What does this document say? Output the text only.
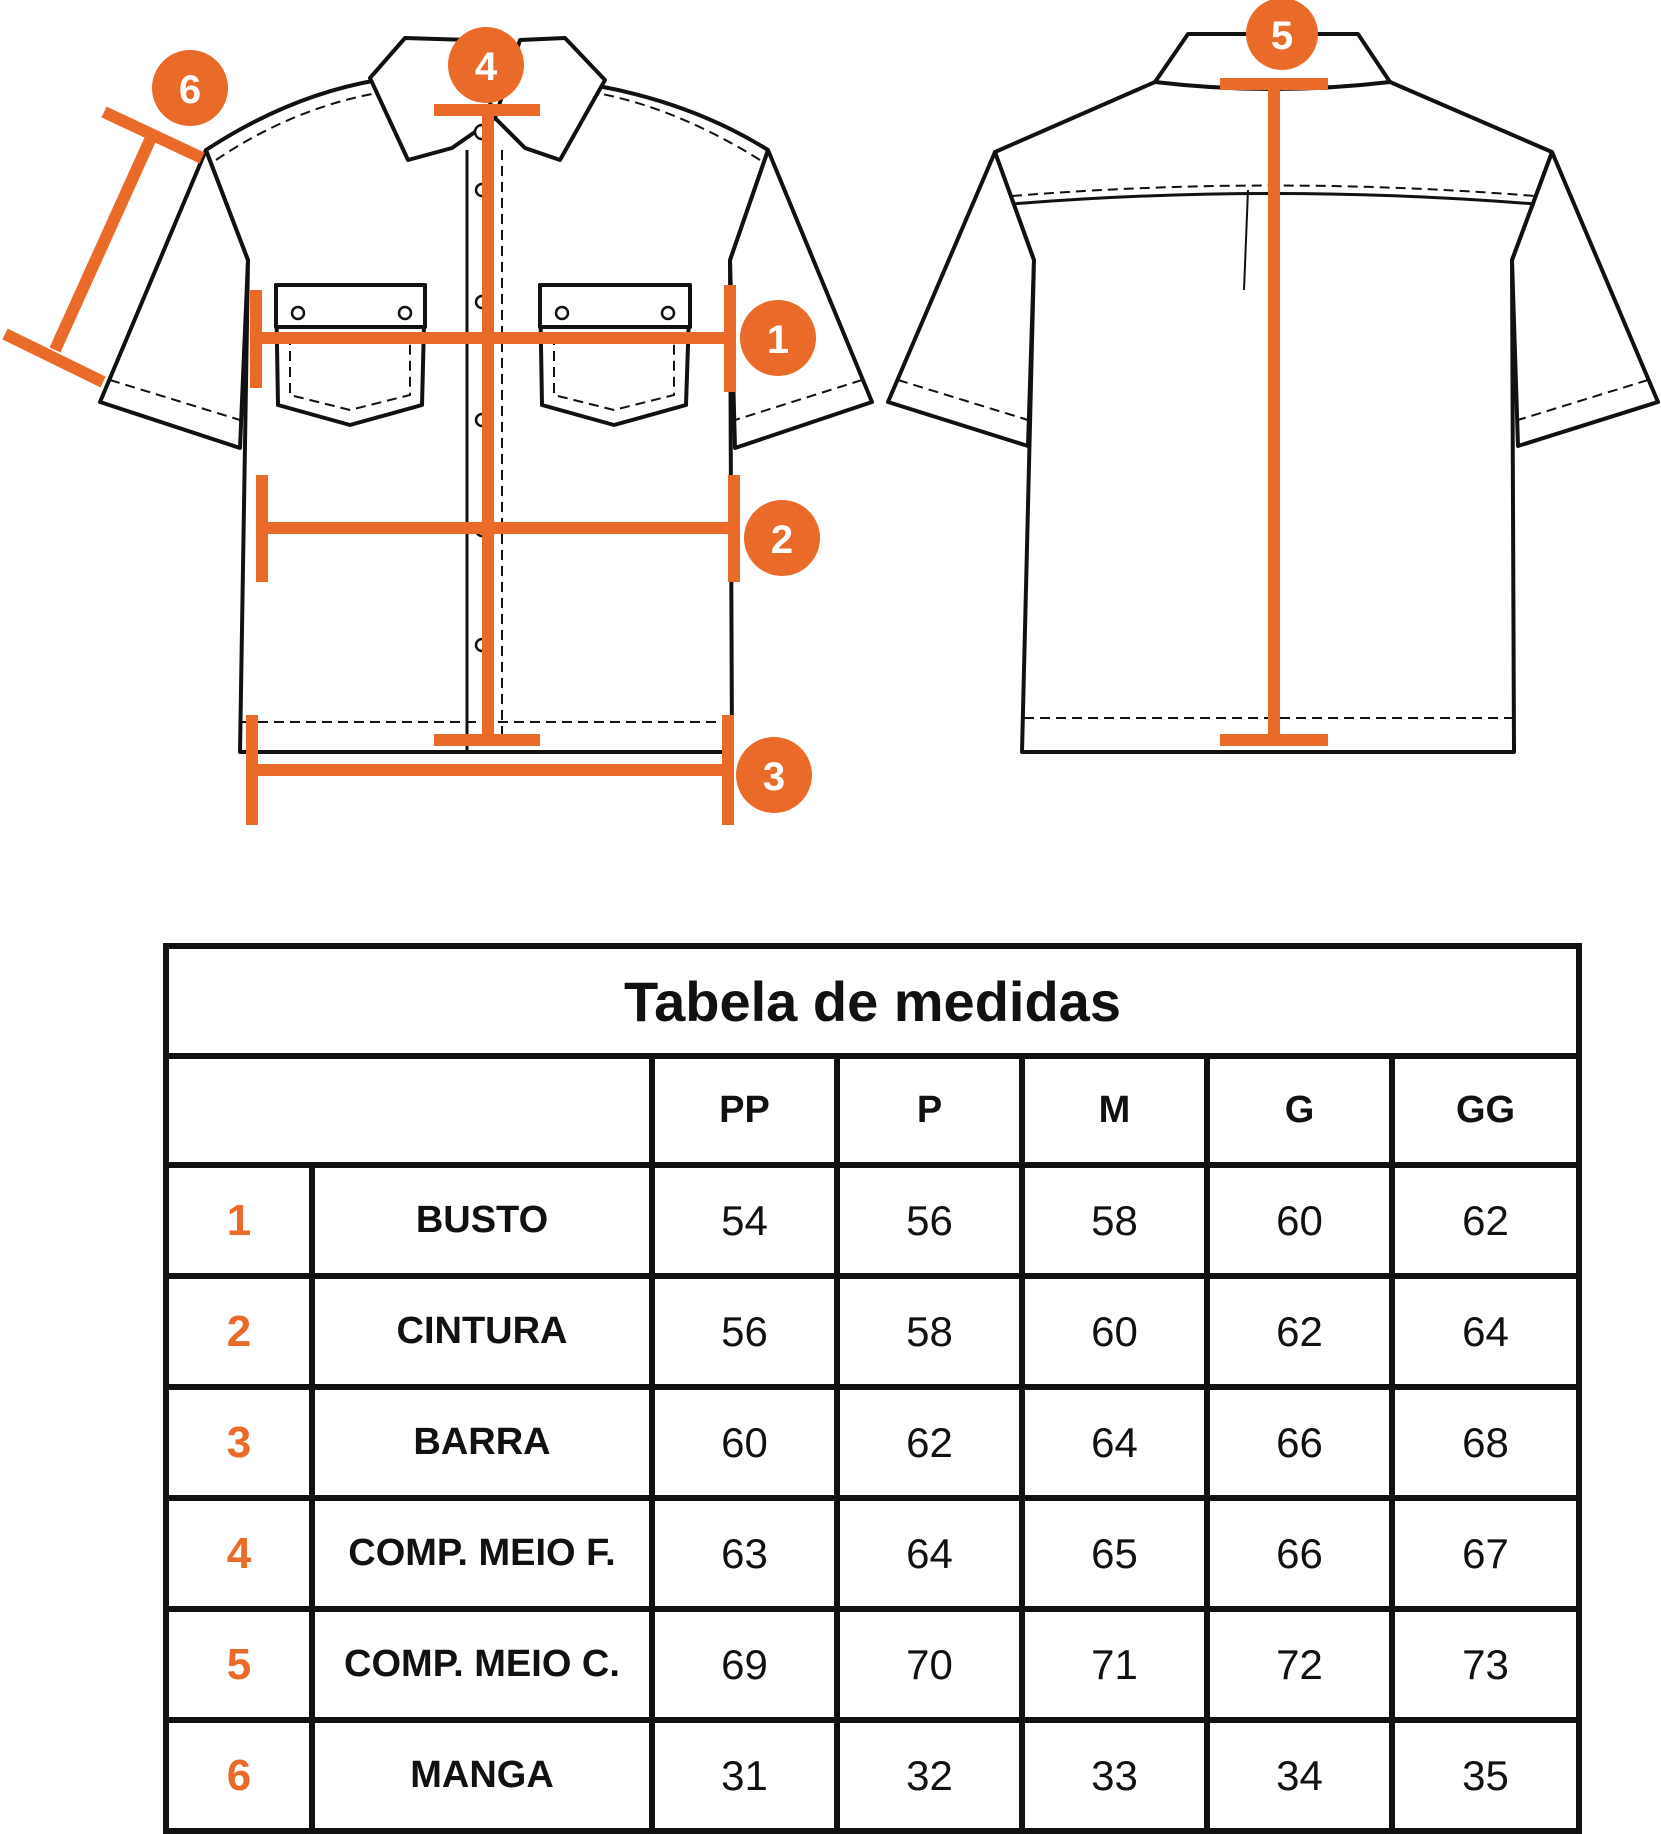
1
2
3
4
5
6
Tabela de medidas						
		PP	P	M	G	GG
1	BUSTO	54	56	58	60	62
2	CINTURA	56	58	60	62	64
3	BARRA	60	62	64	66	68
4	COMP. MEIO F.	63	64	65	66	67
5	COMP. MEIO C.	69	70	71	72	73
6	MANGA	31	32	33	34	35
